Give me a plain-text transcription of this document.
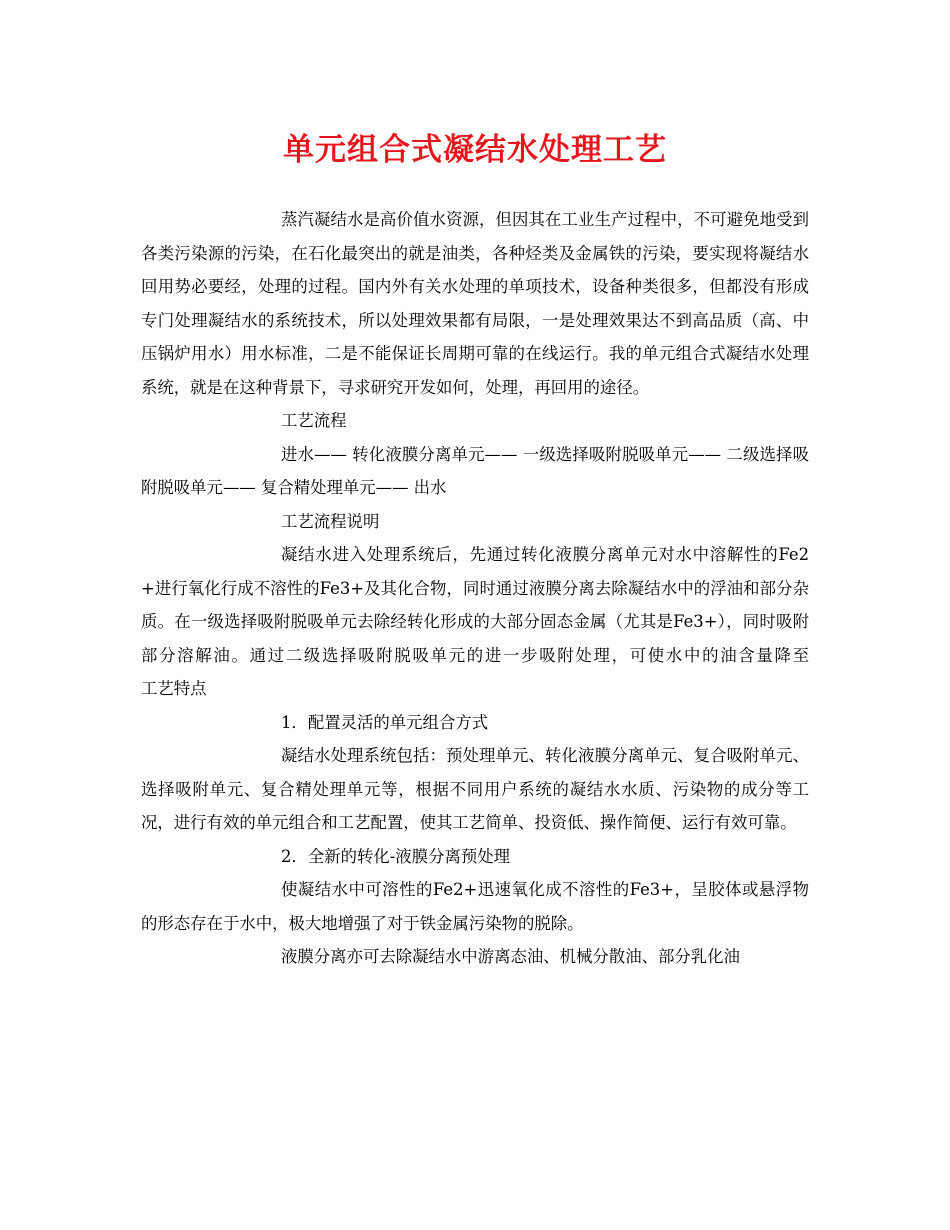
单元组合式凝结水处理工艺

蒸汽凝结水是高价值水资源，但因其在工业生产过程中，不可避免地受到各类污染源的污染，在石化最突出的就是油类，各种烃类及金属铁的污染，要实现将凝结水回用势必要经，处理的过程。国内外有关水处理的单项技术，设备种类很多，但都没有形成专门处理凝结水的系统技术，所以处理效果都有局限，一是处理效果达不到高品质（高、中压锅炉用水）用水标准，二是不能保证长周期可靠的在线运行。我的单元组合式凝结水处理系统，就是在这种背景下，寻求研究开发如何，处理，再回用的途径。

工艺流程

进水—— 转化液膜分离单元—— 一级选择吸附脱吸单元—— 二级选择吸附脱吸单元—— 复合精处理单元—— 出水

工艺流程说明

凝结水进入处理系统后，先通过转化液膜分离单元对水中溶解性的Fe2+进行氧化行成不溶性的Fe3+及其化合物，同时通过液膜分离去除凝结水中的浮油和部分杂质。在一级选择吸附脱吸单元去除经转化形成的大部分固态金属（尤其是Fe3+），同时吸附部分溶解油。通过二级选择吸附脱吸单元的进一步吸附处理，可使水中的油含量降至　　　　　　　　工艺特点

1．配置灵活的单元组合方式

凝结水处理系统包括：预处理单元、转化液膜分离单元、复合吸附单元、选择吸附单元、复合精处理单元等，根据不同用户系统的凝结水水质、污染物的成分等工况，进行有效的单元组合和工艺配置，使其工艺简单、投资低、操作简便、运行有效可靠。

2．全新的转化-液膜分离预处理

使凝结水中可溶性的Fe2+迅速氧化成不溶性的Fe3+，呈胶体或悬浮物的形态存在于水中，极大地增强了对于铁金属污染物的脱除。

液膜分离亦可去除凝结水中游离态油、机械分散油、部分乳化油
